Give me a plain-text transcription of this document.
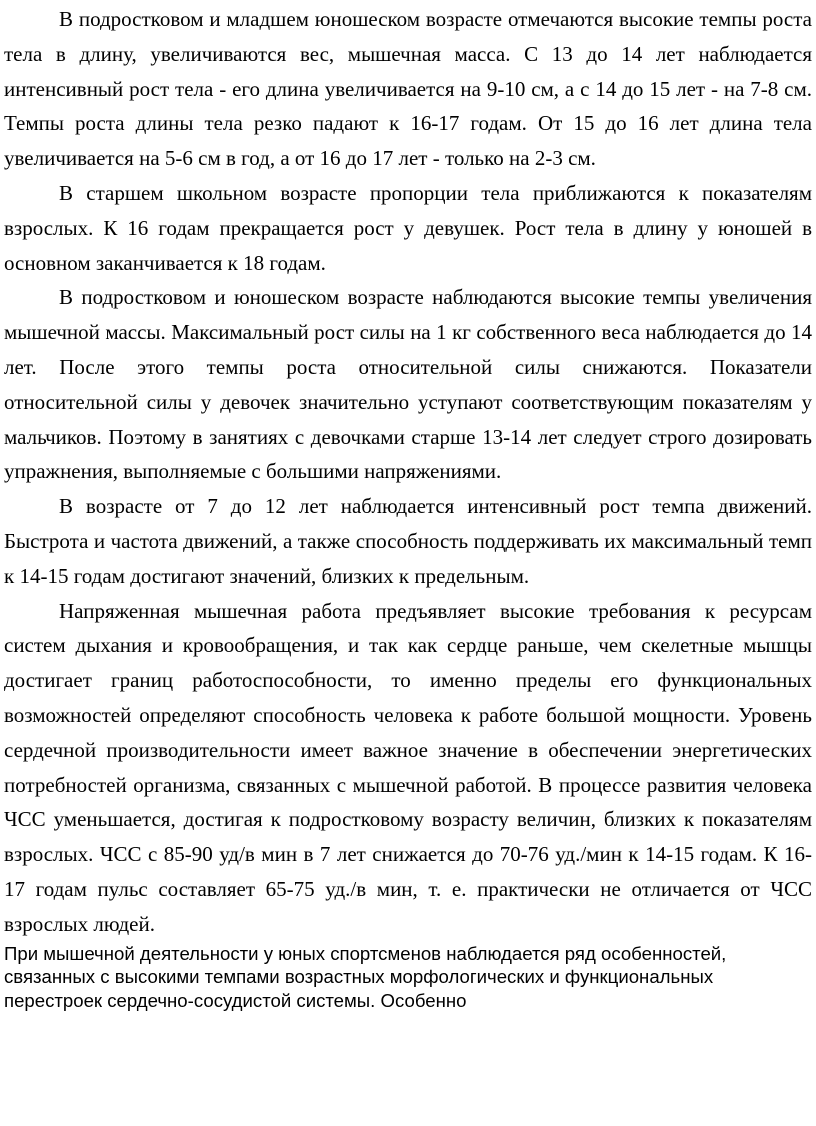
В подростковом и младшем юношеском возрасте отмечаются высокие темпы роста тела в длину, увеличиваются вес, мышечная масса. С 13 до 14 лет наблюдается интенсивный рост тела - его длина увеличивается на 9-10 см, а с 14 до 15 лет - на 7-8 см. Темпы роста длины тела резко падают к 16-17 годам. От 15 до 16 лет длина тела увеличивается на 5-6 см в год, а от 16 до 17 лет - только на 2-3 см.

В старшем школьном возрасте пропорции тела приближаются к показателям взрослых. К 16 годам прекращается рост у девушек. Рост тела в длину у юношей в основном заканчивается к 18 годам.

В подростковом и юношеском возрасте наблюдаются высокие темпы увеличения мышечной массы. Максимальный рост силы на 1 кг собственного веса наблюдается до 14 лет. После этого темпы роста относительной силы снижаются. Показатели относительной силы у девочек значительно уступают соответствующим показателям у мальчиков. Поэтому в занятиях с девочками старше 13-14 лет следует строго дозировать упражнения, выполняемые с большими напряжениями.

В возрасте от 7 до 12 лет наблюдается интенсивный рост темпа движений. Быстрота и частота движений, а также способность поддерживать их максимальный темп к 14-15 годам достигают значений, близких к предельным.

Напряженная мышечная работа предъявляет высокие требования к ресурсам систем дыхания и кровообращения, и так как сердце раньше, чем скелетные мышцы достигает границ работоспособности, то именно пределы его функциональных возможностей определяют способность человека к работе большой мощности. Уровень сердечной производительности имеет важное значение в обеспечении энергетических потребностей организма, связанных с мышечной работой. В процессе развития человека ЧСС уменьшается, достигая к подростковому возрасту величин, близких к показателям взрослых. ЧСС с 85-90 уд/в мин в 7 лет снижается до 70-76 уд./мин к 14-15 годам. К 16-17 годам пульс составляет 65-75 уд./в мин, т. е. практически не отличается от ЧСС взрослых людей.

При мышечной деятельности у юных спортсменов наблюдается ряд особенностей, связанных с высокими темпами возрастных морфологических и функциональных перестроек сердечно-сосудистой системы. Особенно
